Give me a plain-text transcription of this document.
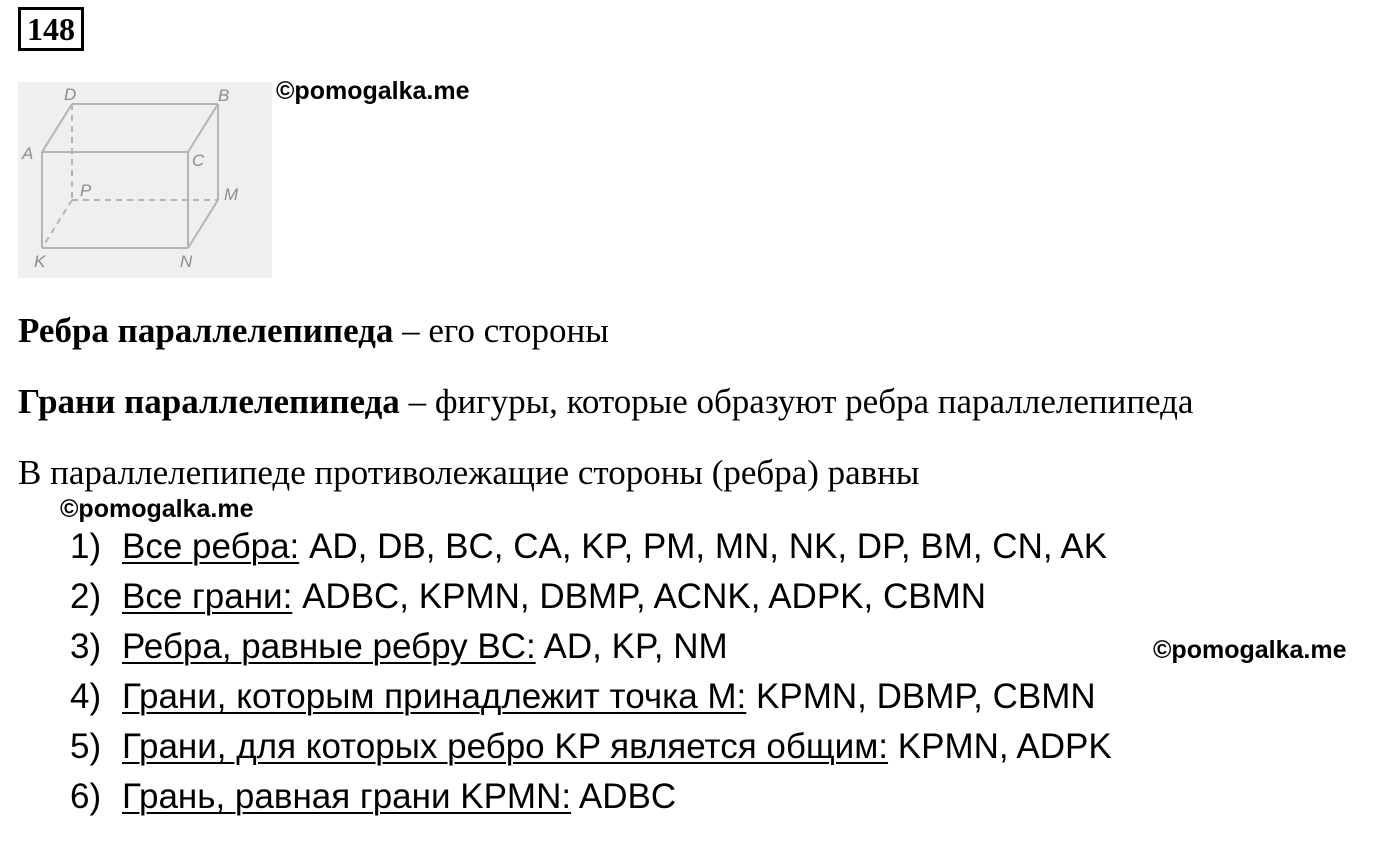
148
D	B
A	C
P	M
K	N
©pomogalka.me
Ребра параллелепипеда – его стороны
Грани параллелепипеда – фигуры, которые образуют ребра параллелепипеда
В параллелепипеде противолежащие стороны (ребра) равны
©pomogalka.me
1) Все ребра: AD, DB, BC, CA, KP, PM, MN, NK, DP, BM, CN, AK
2) Все грани: ADBC, KPMN, DBMP, ACNK, ADPK, CBMN
3) Ребра, равные ребру BC: AD, KP, NM
4) Грани, которым принадлежит точка M: KPMN, DBMP, CBMN
5) Грани, для которых ребро KP является общим: KPMN, ADPK
6) Грань, равная грани KPMN: ADBC
©pomogalka.me
